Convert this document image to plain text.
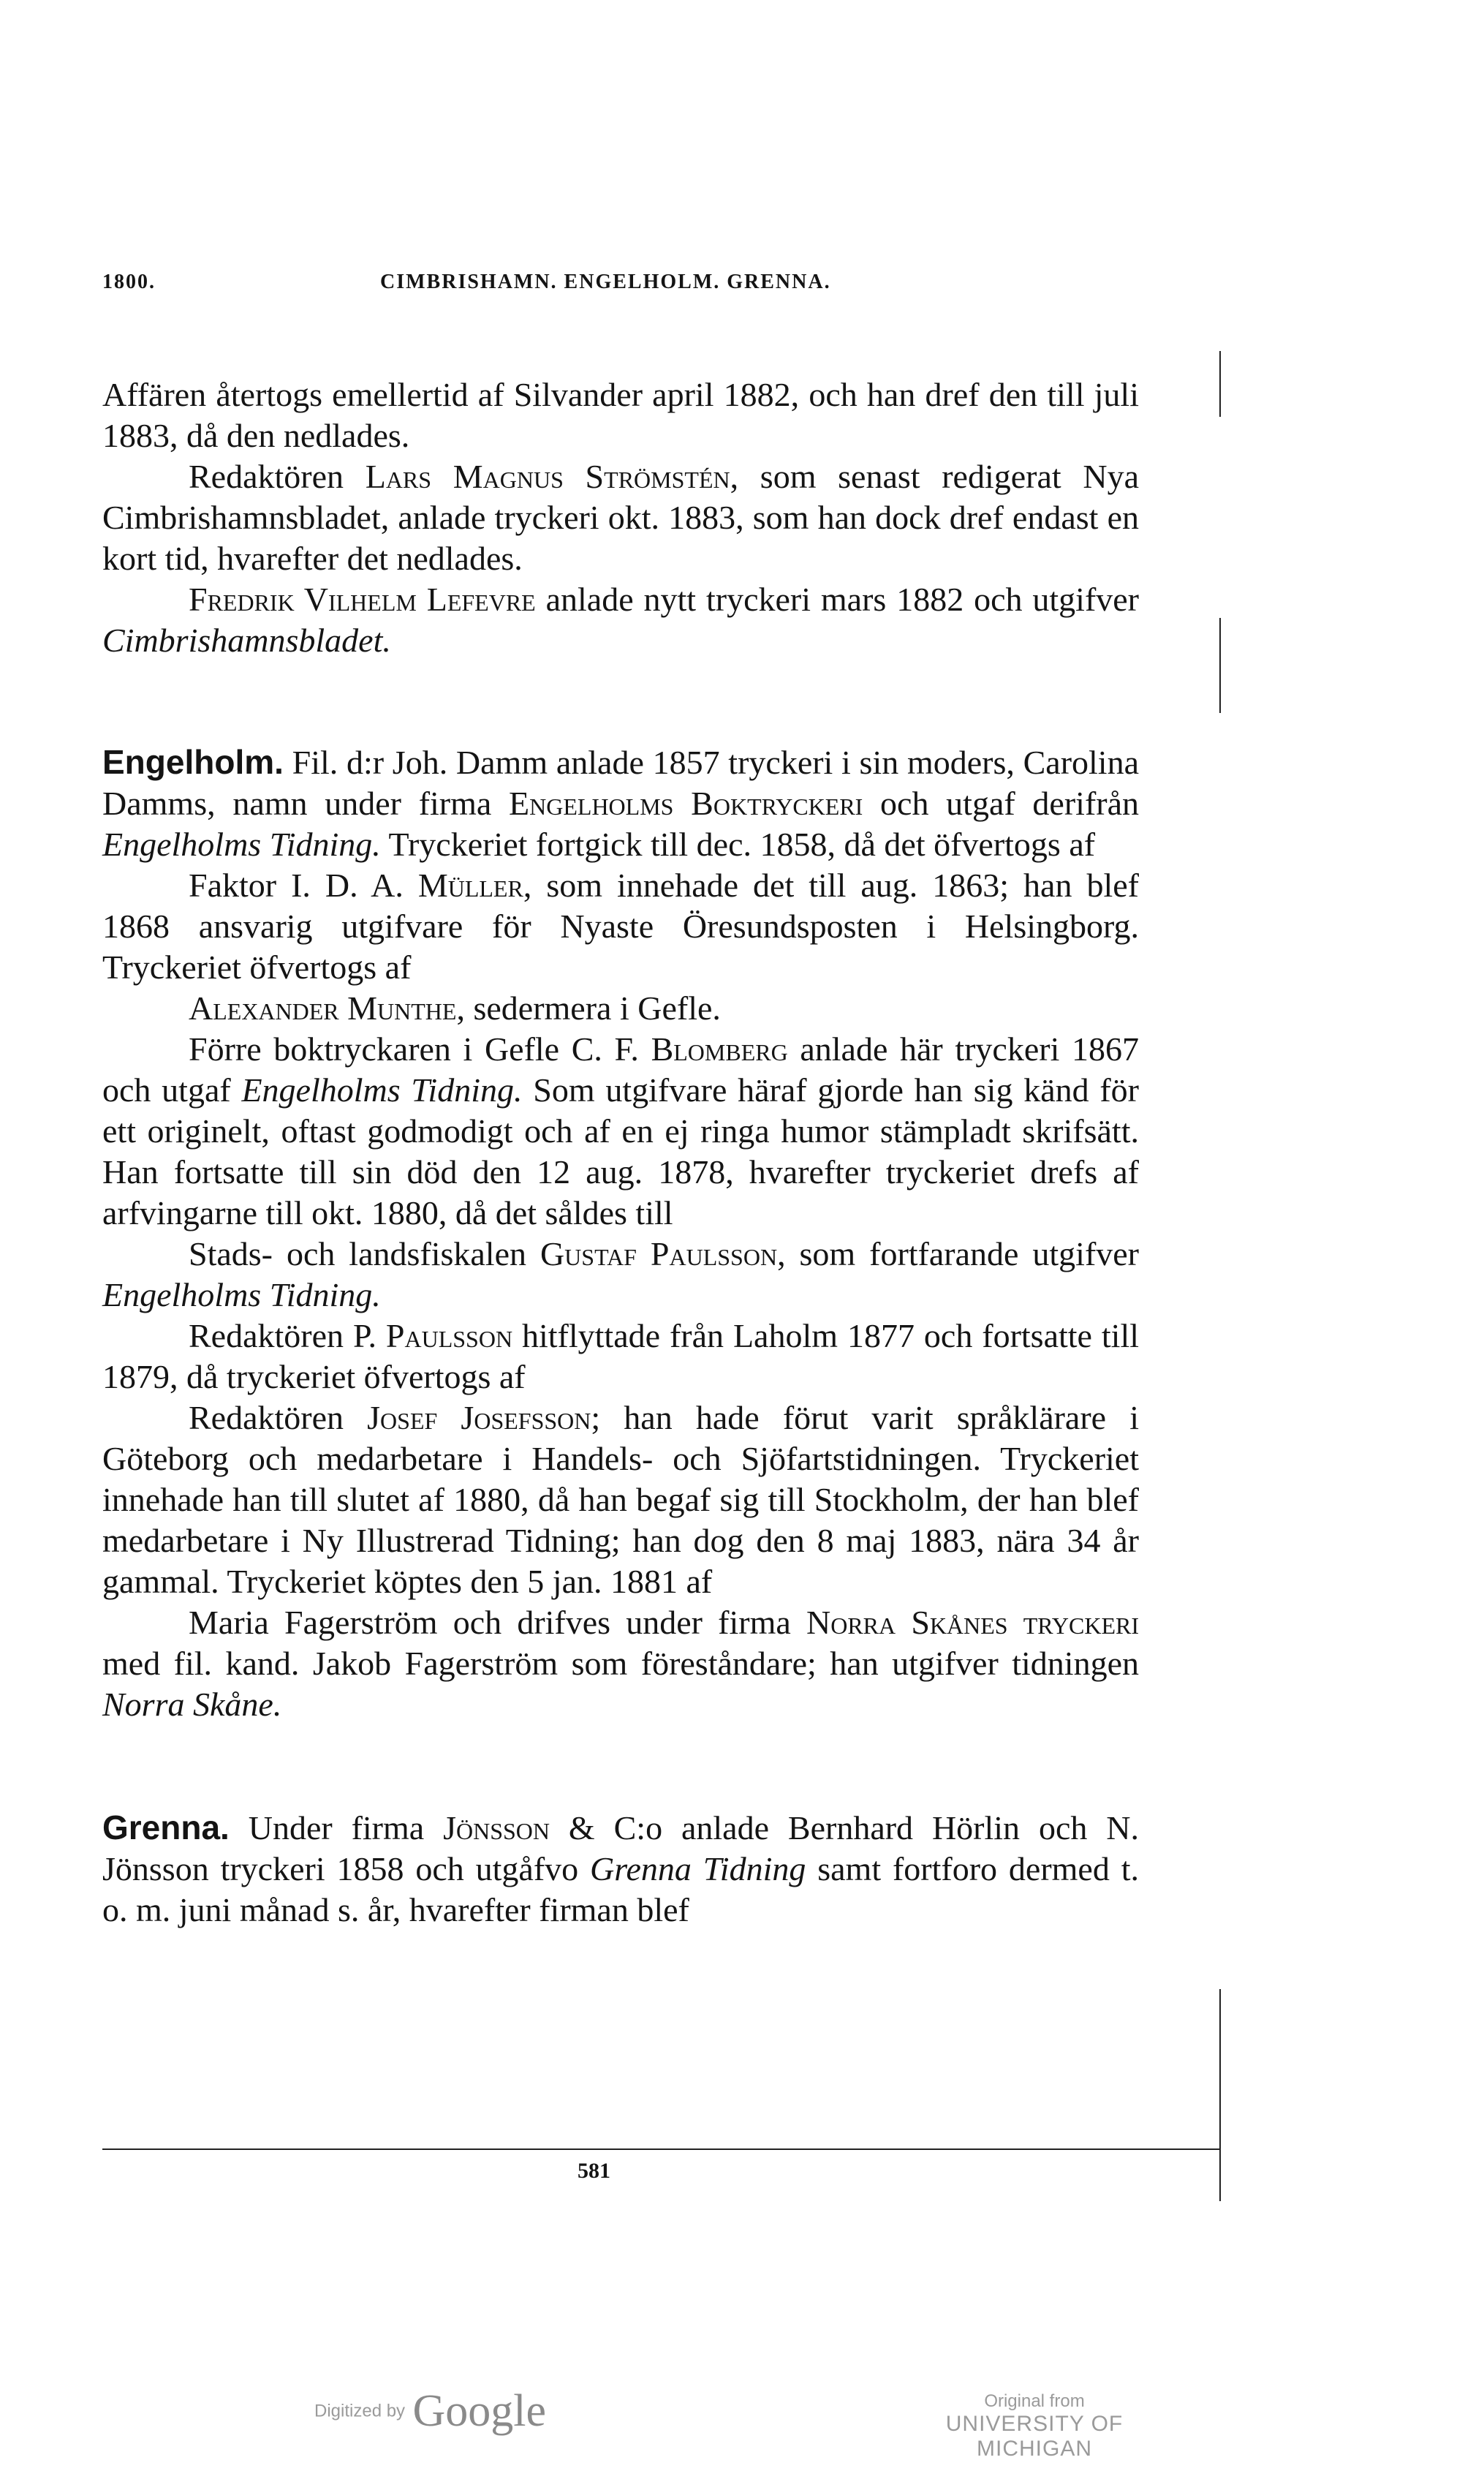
1800.	CIMBRISHAMN. ENGELHOLM. GRENNA.

Affären återtogs emellertid af Silvander april 1882, och han dref den till juli 1883, då den nedlades.

Redaktören Lars Magnus Strömstén, som senast redigerat Nya Cimbrishamnsbladet, anlade tryckeri okt. 1883, som han dock dref endast en kort tid, hvarefter det nedlades.

Fredrik Vilhelm Lefevre anlade nytt tryckeri mars 1882 och utgifver Cimbrishamnsbladet.

Engelholm. Fil. d:r Joh. Damm anlade 1857 tryckeri i sin moders, Carolina Damms, namn under firma Engelholms Boktryckeri och utgaf derifrån Engelholms Tidning. Tryckeriet fortgick till dec. 1858, då det öfvertogs af

Faktor I. D. A. Müller, som innehade det till aug. 1863; han blef 1868 ansvarig utgifvare för Nyaste Öresundsposten i Helsingborg. Tryckeriet öfvertogs af

Alexander Munthe, sedermera i Gefle.

Förre boktryckaren i Gefle C. F. Blomberg anlade här tryckeri 1867 och utgaf Engelholms Tidning. Som utgifvare häraf gjorde han sig känd för ett originelt, oftast godmodigt och af en ej ringa humor stämpladt skrifsätt. Han fortsatte till sin död den 12 aug. 1878, hvarefter tryckeriet drefs af arfvingarne till okt. 1880, då det såldes till

Stads- och landsfiskalen Gustaf Paulsson, som fortfarande utgifver Engelholms Tidning.

Redaktören P. Paulsson hitflyttade från Laholm 1877 och fortsatte till 1879, då tryckeriet öfvertogs af

Redaktören Josef Josefsson; han hade förut varit språklärare i Göteborg och medarbetare i Handels- och Sjöfartstidningen. Tryckeriet innehade han till slutet af 1880, då han begaf sig till Stockholm, der han blef medarbetare i Ny Illustrerad Tidning; han dog den 8 maj 1883, nära 34 år gammal. Tryckeriet köptes den 5 jan. 1881 af

Maria Fagerström och drifves under firma Norra Skånes tryckeri med fil. kand. Jakob Fagerström som föreståndare; han utgifver tidningen Norra Skåne.

Grenna. Under firma Jönsson & C:o anlade Bernhard Hörlin och N. Jönsson tryckeri 1858 och utgåfvo Grenna Tidning samt fortforo dermed t. o. m. juni månad s. år, hvarefter firman blef

581
Digitized by Google	Original from
UNIVERSITY OF MICHIGAN
